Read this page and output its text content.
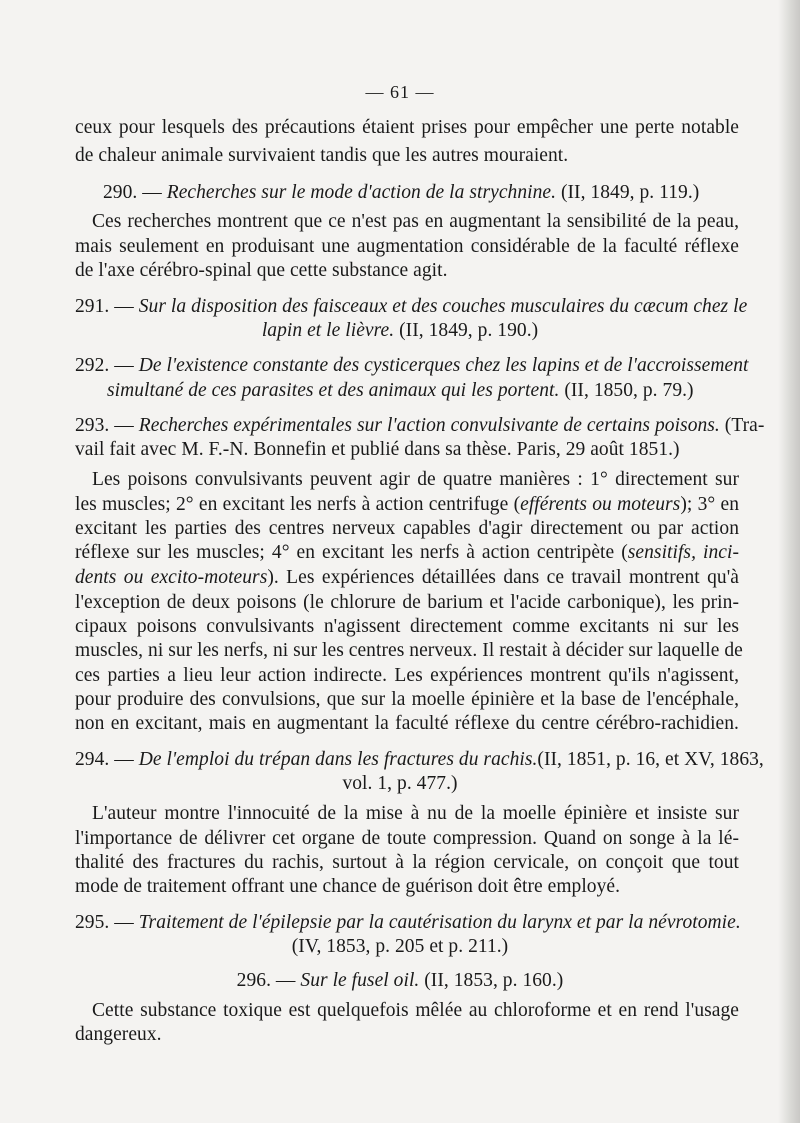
— 61 —
ceux pour lesquels des précautions étaient prises pour empêcher une perte notable
de chaleur animale survivaient tandis que les autres mouraient.
290. — Recherches sur le mode d'action de la strychnine. (II, 1849, p. 119.)
Ces recherches montrent que ce n'est pas en augmentant la sensibilité de la peau,
mais seulement en produisant une augmentation considérable de la faculté réflexe
de l'axe cérébro-spinal que cette substance agit.
291. — Sur la disposition des faisceaux et des couches musculaires du cæcum chez le
lapin et le lièvre. (II, 1849, p. 190.)
292. — De l'existence constante des cysticerques chez les lapins et de l'accroissement
simultané de ces parasites et des animaux qui les portent. (II, 1850, p. 79.)
293. — Recherches expérimentales sur l'action convulsivante de certains poisons. (Tra-
vail fait avec M. F.-N. Bonnefin et publié dans sa thèse. Paris, 29 août 1851.)
Les poisons convulsivants peuvent agir de quatre manières : 1° directement sur
les muscles; 2° en excitant les nerfs à action centrifuge (efférents ou moteurs); 3° en
excitant les parties des centres nerveux capables d'agir directement ou par action
réflexe sur les muscles; 4° en excitant les nerfs à action centripète (sensitifs, inci-
dents ou excito-moteurs). Les expériences détaillées dans ce travail montrent qu'à
l'exception de deux poisons (le chlorure de barium et l'acide carbonique), les prin-
cipaux poisons convulsivants n'agissent directement comme excitants ni sur les
muscles, ni sur les nerfs, ni sur les centres nerveux. Il restait à décider sur laquelle de
ces parties a lieu leur action indirecte. Les expériences montrent qu'ils n'agissent,
pour produire des convulsions, que sur la moelle épinière et la base de l'encéphale,
non en excitant, mais en augmentant la faculté réflexe du centre cérébro-rachidien.
294. — De l'emploi du trépan dans les fractures du rachis.(II, 1851, p. 16, et XV, 1863,
vol. 1, p. 477.)
L'auteur montre l'innocuité de la mise à nu de la moelle épinière et insiste sur
l'importance de délivrer cet organe de toute compression. Quand on songe à la lé-
thalité des fractures du rachis, surtout à la région cervicale, on conçoit que tout
mode de traitement offrant une chance de guérison doit être employé.
295. — Traitement de l'épilepsie par la cautérisation du larynx et par la névrotomie.
(IV, 1853, p. 205 et p. 211.)
296. — Sur le fusel oil. (II, 1853, p. 160.)
Cette substance toxique est quelquefois mêlée au chloroforme et en rend l'usage
dangereux.
